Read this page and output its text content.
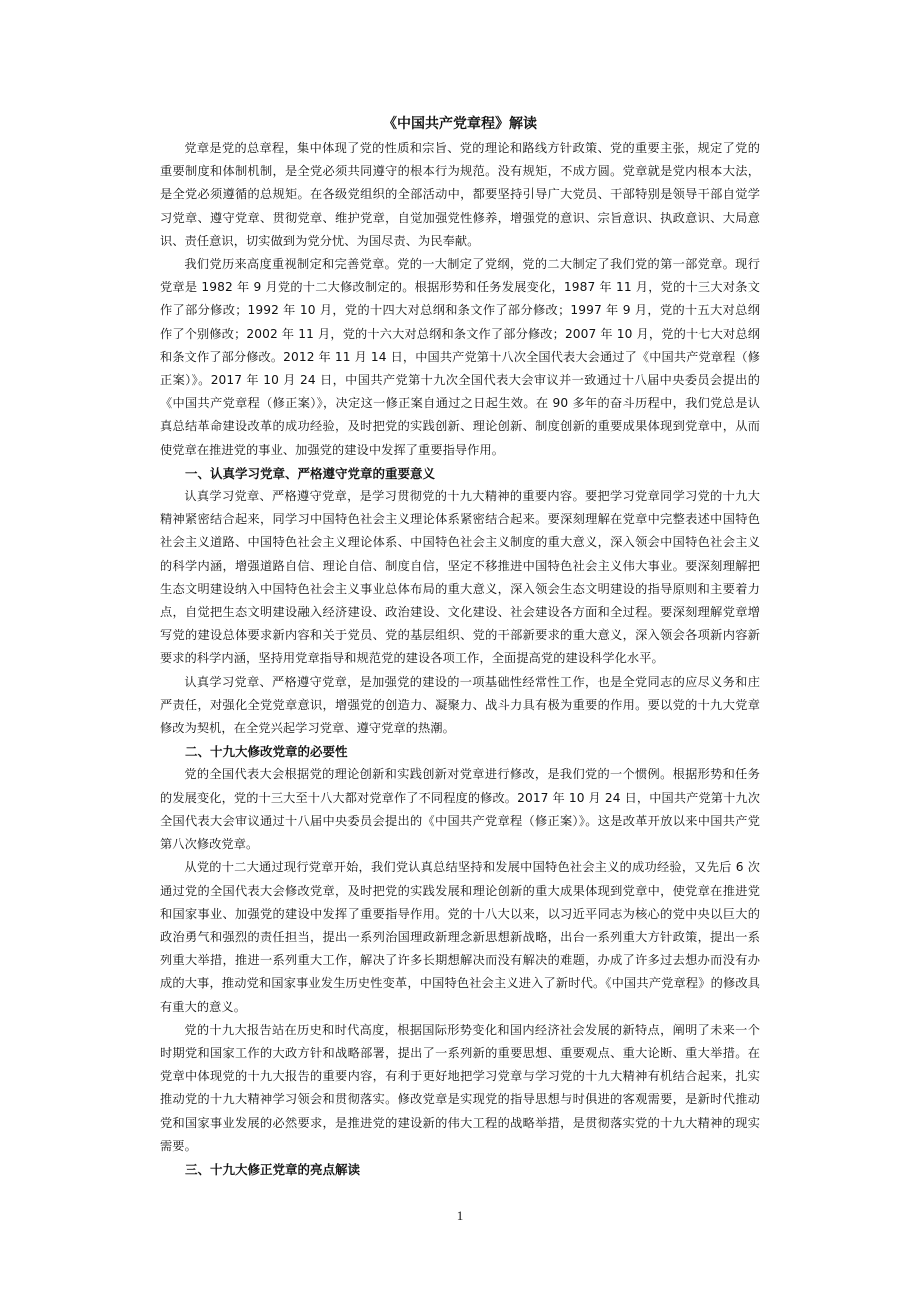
《中国共产党章程》解读

党章是党的总章程，集中体现了党的性质和宗旨、党的理论和路线方针政策、党的重要主张，规定了党的重要制度和体制机制，是全党必须共同遵守的根本行为规范。没有规矩，不成方圆。党章就是党内根本大法，是全党必须遵循的总规矩。在各级党组织的全部活动中，都要坚持引导广大党员、干部特别是领导干部自觉学习党章、遵守党章、贯彻党章、维护党章，自觉加强党性修养，增强党的意识、宗旨意识、执政意识、大局意识、责任意识，切实做到为党分忧、为国尽责、为民奉献。

我们党历来高度重视制定和完善党章。党的一大制定了党纲，党的二大制定了我们党的第一部党章。现行党章是 1982 年 9 月党的十二大修改制定的。根据形势和任务发展变化，1987 年 11 月，党的十三大对条文作了部分修改；1992 年 10 月，党的十四大对总纲和条文作了部分修改；1997 年 9 月，党的十五大对总纲作了个别修改；2002 年 11 月，党的十六大对总纲和条文作了部分修改；2007 年 10 月，党的十七大对总纲和条文作了部分修改。2012 年 11 月 14 日，中国共产党第十八次全国代表大会通过了《中国共产党章程（修正案）》。2017 年 10 月 24 日，中国共产党第十九次全国代表大会审议并一致通过十八届中央委员会提出的《中国共产党章程（修正案）》，决定这一修正案自通过之日起生效。在 90 多年的奋斗历程中，我们党总是认真总结革命建设改革的成功经验，及时把党的实践创新、理论创新、制度创新的重要成果体现到党章中，从而使党章在推进党的事业、加强党的建设中发挥了重要指导作用。

一、认真学习党章、严格遵守党章的重要意义

认真学习党章、严格遵守党章，是学习贯彻党的十九大精神的重要内容。要把学习党章同学习党的十九大精神紧密结合起来，同学习中国特色社会主义理论体系紧密结合起来。要深刻理解在党章中完整表述中国特色社会主义道路、中国特色社会主义理论体系、中国特色社会主义制度的重大意义，深入领会中国特色社会主义的科学内涵，增强道路自信、理论自信、制度自信，坚定不移推进中国特色社会主义伟大事业。要深刻理解把生态文明建设纳入中国特色社会主义事业总体布局的重大意义，深入领会生态文明建设的指导原则和主要着力点，自觉把生态文明建设融入经济建设、政治建设、文化建设、社会建设各方面和全过程。要深刻理解党章增写党的建设总体要求新内容和关于党员、党的基层组织、党的干部新要求的重大意义，深入领会各项新内容新要求的科学内涵，坚持用党章指导和规范党的建设各项工作，全面提高党的建设科学化水平。

认真学习党章、严格遵守党章，是加强党的建设的一项基础性经常性工作，也是全党同志的应尽义务和庄严责任，对强化全党党章意识，增强党的创造力、凝聚力、战斗力具有极为重要的作用。要以党的十九大党章修改为契机，在全党兴起学习党章、遵守党章的热潮。

二、十九大修改党章的必要性

党的全国代表大会根据党的理论创新和实践创新对党章进行修改，是我们党的一个惯例。根据形势和任务的发展变化，党的十三大至十八大都对党章作了不同程度的修改。2017 年 10 月 24 日，中国共产党第十九次全国代表大会审议通过十八届中央委员会提出的《中国共产党章程（修正案）》。这是改革开放以来中国共产党第八次修改党章。

从党的十二大通过现行党章开始，我们党认真总结坚持和发展中国特色社会主义的成功经验，又先后 6 次通过党的全国代表大会修改党章，及时把党的实践发展和理论创新的重大成果体现到党章中，使党章在推进党和国家事业、加强党的建设中发挥了重要指导作用。党的十八大以来，以习近平同志为核心的党中央以巨大的政治勇气和强烈的责任担当，提出一系列治国理政新理念新思想新战略，出台一系列重大方针政策，提出一系列重大举措，推进一系列重大工作，解决了许多长期想解决而没有解决的难题，办成了许多过去想办而没有办成的大事，推动党和国家事业发生历史性变革，中国特色社会主义进入了新时代。《中国共产党章程》的修改具有重大的意义。

党的十九大报告站在历史和时代高度，根据国际形势变化和国内经济社会发展的新特点，阐明了未来一个时期党和国家工作的大政方针和战略部署，提出了一系列新的重要思想、重要观点、重大论断、重大举措。在党章中体现党的十九大报告的重要内容，有利于更好地把学习党章与学习党的十九大精神有机结合起来，扎实推动党的十九大精神学习领会和贯彻落实。修改党章是实现党的指导思想与时俱进的客观需要，是新时代推动党和国家事业发展的必然要求，是推进党的建设新的伟大工程的战略举措，是贯彻落实党的十九大精神的现实需要。

三、十九大修正党章的亮点解读

1
